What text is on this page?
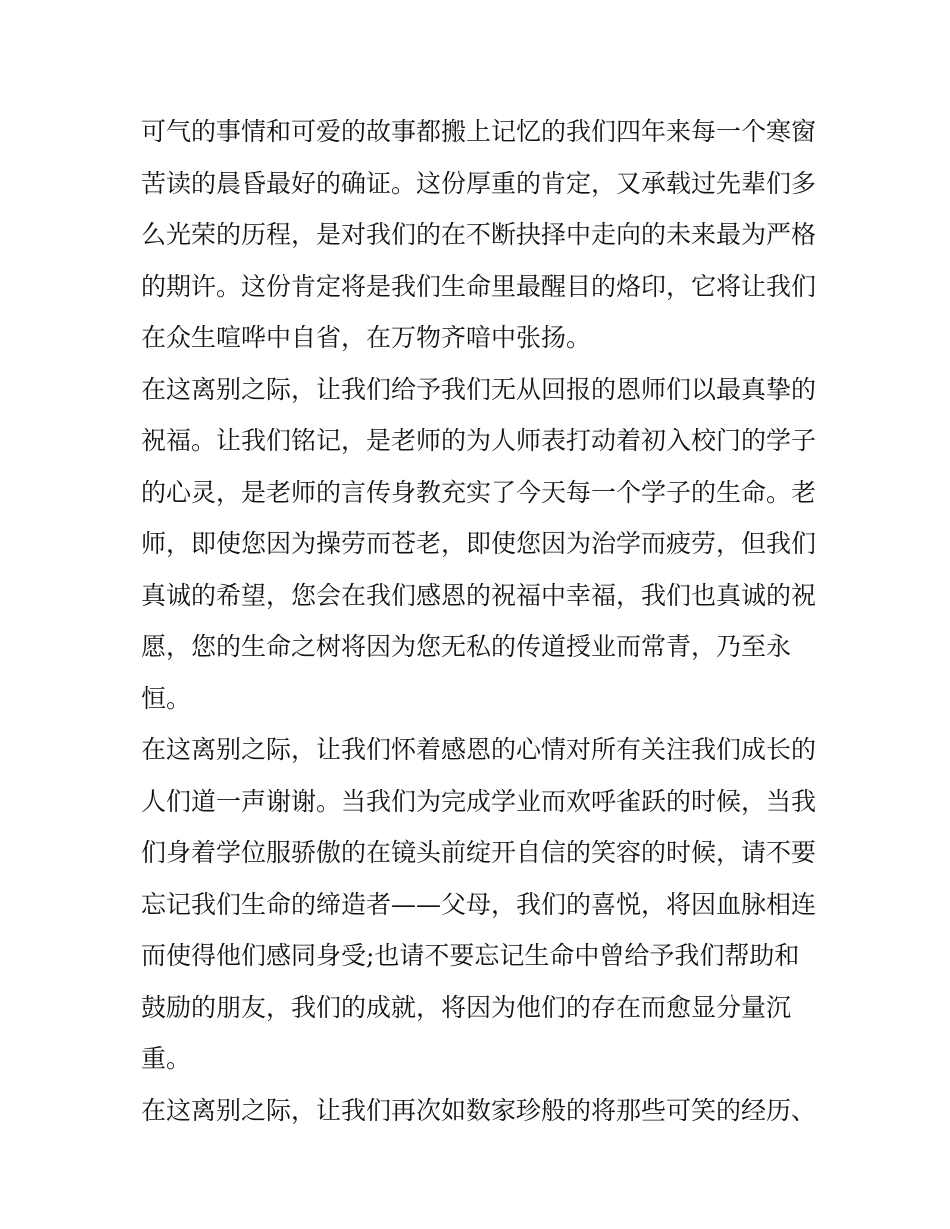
可气的事情和可爱的故事都搬上记忆的我们四年来每一个寒窗
苦读的晨昏最好的确证。这份厚重的肯定，又承载过先辈们多
么光荣的历程，是对我们的在不断抉择中走向的未来最为严格
的期许。这份肯定将是我们生命里最醒目的烙印，它将让我们
在众生喧哗中自省，在万物齐喑中张扬。
在这离别之际，让我们给予我们无从回报的恩师们以最真挚的
祝福。让我们铭记，是老师的为人师表打动着初入校门的学子
的心灵，是老师的言传身教充实了今天每一个学子的生命。老
师，即使您因为操劳而苍老，即使您因为治学而疲劳，但我们
真诚的希望，您会在我们感恩的祝福中幸福，我们也真诚的祝
愿，您的生命之树将因为您无私的传道授业而常青，乃至永
恒。
在这离别之际，让我们怀着感恩的心情对所有关注我们成长的
人们道一声谢谢。当我们为完成学业而欢呼雀跃的时候，当我
们身着学位服骄傲的在镜头前绽开自信的笑容的时候，请不要
忘记我们生命的缔造者——父母，我们的喜悦，将因血脉相连
而使得他们感同身受;也请不要忘记生命中曾给予我们帮助和
鼓励的朋友，我们的成就，将因为他们的存在而愈显分量沉
重。
在这离别之际，让我们再次如数家珍般的将那些可笑的经历、
